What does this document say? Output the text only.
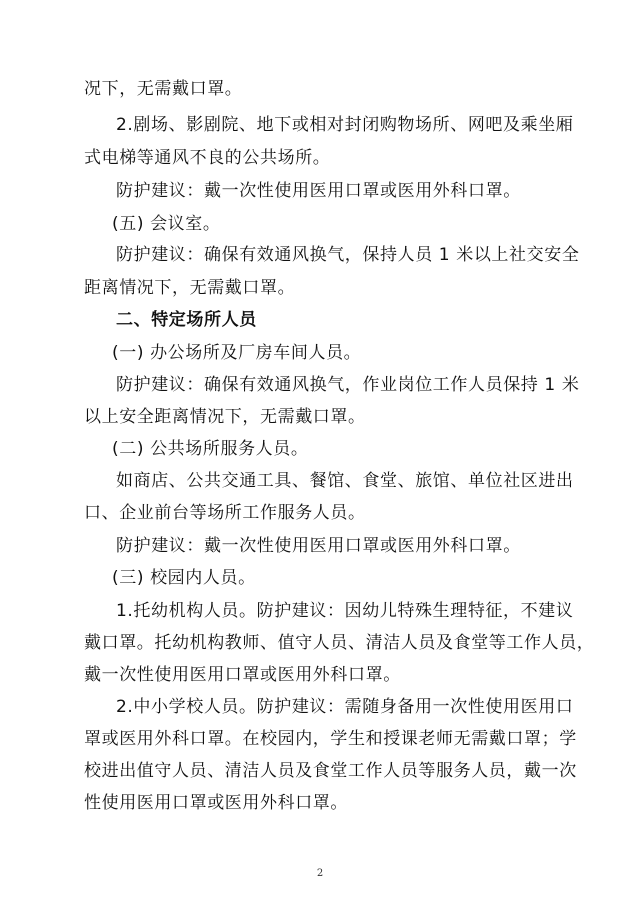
况下，无需戴口罩。

2.剧场、影剧院、地下或相对封闭购物场所、网吧及乘坐厢

式电梯等通风不良的公共场所。

防护建议：戴一次性使用医用口罩或医用外科口罩。

(五) 会议室。

防护建议：确保有效通风换气，保持人员 1 米以上社交安全

距离情况下，无需戴口罩。

二、特定场所人员

(一) 办公场所及厂房车间人员。

防护建议：确保有效通风换气，作业岗位工作人员保持 1 米

以上安全距离情况下，无需戴口罩。

(二) 公共场所服务人员。

如商店、公共交通工具、餐馆、食堂、旅馆、单位社区进出

口、企业前台等场所工作服务人员。

防护建议：戴一次性使用医用口罩或医用外科口罩。

(三) 校园内人员。

1.托幼机构人员。防护建议：因幼儿特殊生理特征，不建议

戴口罩。托幼机构教师、值守人员、清洁人员及食堂等工作人员，

戴一次性使用医用口罩或医用外科口罩。

2.中小学校人员。防护建议：需随身备用一次性使用医用口

罩或医用外科口罩。在校园内，学生和授课老师无需戴口罩；学

校进出值守人员、清洁人员及食堂工作人员等服务人员，戴一次

性使用医用口罩或医用外科口罩。

2
